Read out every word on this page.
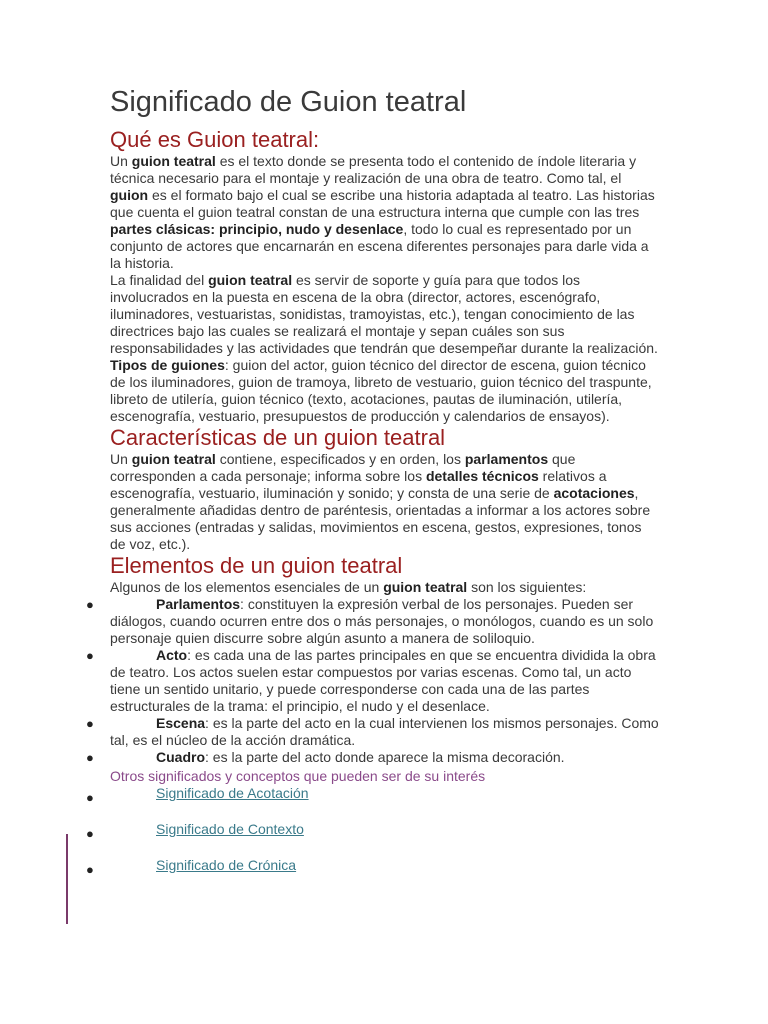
Significado de Guion teatral
Qué es Guion teatral:

Un guion teatral es el texto donde se presenta todo el contenido de índole literaria y técnica necesario para el montaje y realización de una obra de teatro. Como tal, el guion es el formato bajo el cual se escribe una historia adaptada al teatro. Las historias que cuenta el guion teatral constan de una estructura interna que cumple con las tres partes clásicas: principio, nudo y desenlace, todo lo cual es representado por un conjunto de actores que encarnarán en escena diferentes personajes para darle vida a la historia.

La finalidad del guion teatral es servir de soporte y guía para que todos los involucrados en la puesta en escena de la obra (director, actores, escenógrafo, iluminadores, vestuaristas, sonidistas, tramoyistas, etc.), tengan conocimiento de las directrices bajo las cuales se realizará el montaje y sepan cuáles son sus responsabilidades y las actividades que tendrán que desempeñar durante la realización.

Tipos de guiones: guion del actor, guion técnico del director de escena, guion técnico de los iluminadores, guion de tramoya, libreto de vestuario, guion técnico del traspunte, libreto de utilería, guion técnico (texto, acotaciones, pautas de iluminación, utilería, escenografía, vestuario, presupuestos de producción y calendarios de ensayos).

Características de un guion teatral

Un guion teatral contiene, especificados y en orden, los parlamentos que corresponden a cada personaje; informa sobre los detalles técnicos relativos a escenografía, vestuario, iluminación y sonido; y consta de una serie de acotaciones, generalmente añadidas dentro de paréntesis, orientadas a informar a los actores sobre sus acciones (entradas y salidas, movimientos en escena, gestos, expresiones, tonos de voz, etc.).

Elementos de un guion teatral

Algunos de los elementos esenciales de un guion teatral son los siguientes:

●	Parlamentos: constituyen la expresión verbal de los personajes. Pueden ser diálogos, cuando ocurren entre dos o más personajes, o monólogos, cuando es un solo personaje quien discurre sobre algún asunto a manera de soliloquio.
●	Acto: es cada una de las partes principales en que se encuentra dividida la obra de teatro. Los actos suelen estar compuestos por varias escenas. Como tal, un acto tiene un sentido unitario, y puede corresponderse con cada una de las partes estructurales de la trama: el principio, el nudo y el desenlace.
●	Escena: es la parte del acto en la cual intervienen los mismos personajes. Como tal, es el núcleo de la acción dramática.
●	Cuadro: es la parte del acto donde aparece la misma decoración.
Otros significados y conceptos que pueden ser de su interés
●	Significado de Acotación
●	Significado de Contexto
●	Significado de Crónica
